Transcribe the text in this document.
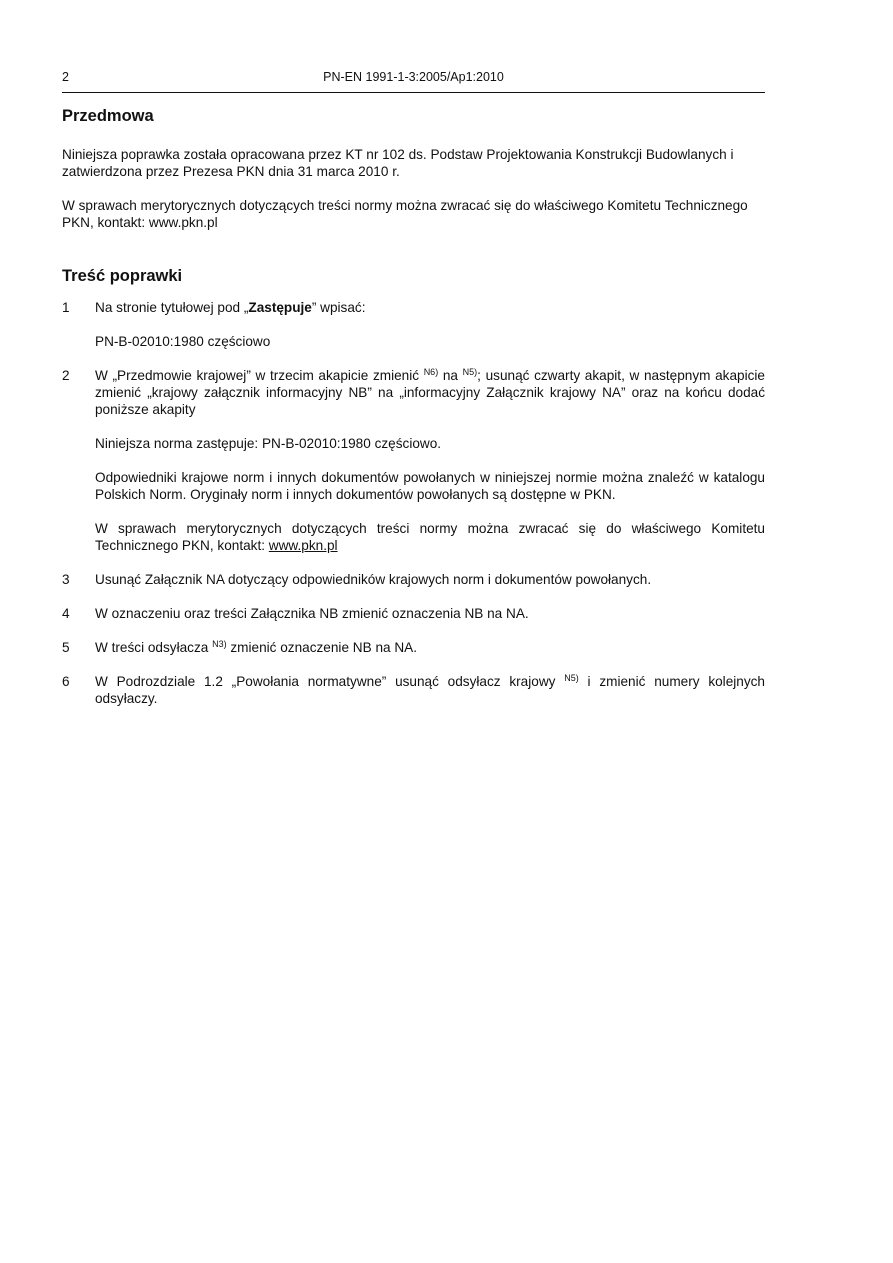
2	PN-EN 1991-1-3:2005/Ap1:2010
Przedmowa

Niniejsza poprawka została opracowana przez KT nr 102 ds. Podstaw Projektowania Konstrukcji Budowlanych i zatwierdzona przez Prezesa PKN dnia 31 marca 2010 r.

W sprawach merytorycznych dotyczących treści normy można zwracać się do właściwego Komitetu Technicznego PKN, kontakt: www.pkn.pl

Treść poprawki
1	Na stronie tytułowej pod „Zastępuje” wpisać:

PN-B-02010:1980 częściowo

2	W „Przedmowie krajowej” w trzecim akapicie zmienić $^{N6)}$ na $^{N5)}$; usunąć czwarty akapit, w następnym akapicie zmienić „krajowy załącznik informacyjny NB” na „informacyjny Załącznik krajowy NA” oraz na końcu dodać poniższe akapity

Niniejsza norma zastępuje: PN-B-02010:1980 częściowo.

Odpowiedniki krajowe norm i innych dokumentów powołanych w niniejszej normie można znaleźć w katalogu Polskich Norm. Oryginały norm i innych dokumentów powołanych są dostępne w PKN.

W sprawach merytorycznych dotyczących treści normy można zwracać się do właściwego Komitetu Technicznego PKN, kontakt: www.pkn.pl

3	Usunąć Załącznik NA dotyczący odpowiedników krajowych norm i dokumentów powołanych.

4	W oznaczeniu oraz treści Załącznika NB zmienić oznaczenia NB na NA.

5	W treści odsyłacza $^{N3)}$ zmienić oznaczenie NB na NA.

6	W Podrozdziale 1.2 „Powołania normatywne” usunąć odsyłacz krajowy $^{N5)}$ i zmienić numery kolejnych odsyłaczy.
